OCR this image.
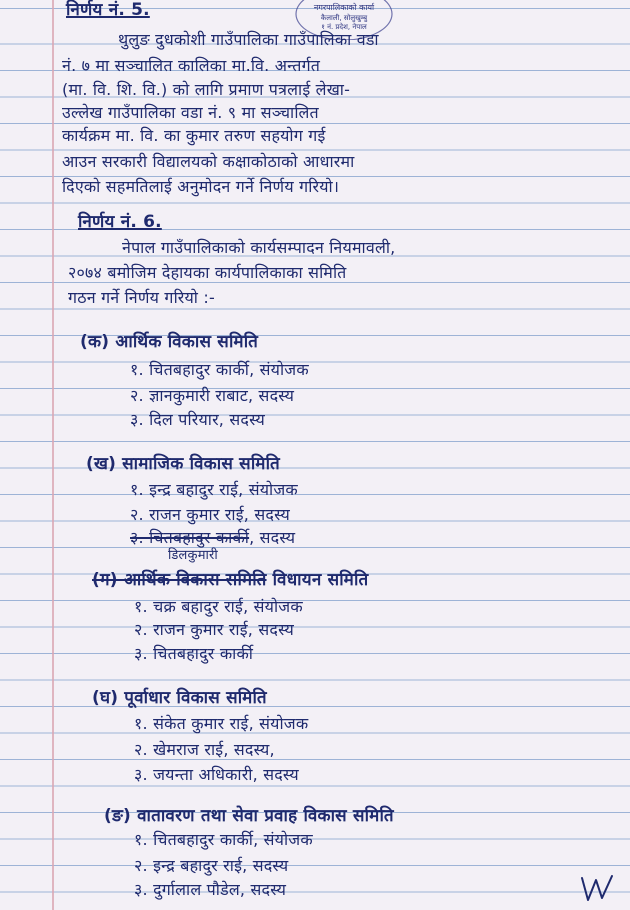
नगरपालिकाको कार्या
कैलाली, सोलुखुम्बु
१ नं. प्रदेश, नेपाल
निर्णय नं. 5.
थुलुङ दुधकोशी गाउँपालिका गाउँपालिका वडा
नं. ७ मा सञ्चालित कालिका मा.वि. अन्तर्गत
(मा. वि. शि. वि.) को लागि प्रमाण पत्रलाई लेखा-
उल्लेख गाउँपालिका वडा नं. ९ मा सञ्चालित
कार्यक्रम मा. वि. का कुमार तरुण सहयोग गई
आउन सरकारी विद्यालयको कक्षाकोठाको आधारमा
दिएको सहमतिलाई अनुमोदन गर्ने निर्णय गरियो।
निर्णय नं. 6.
नेपाल गाउँपालिकाको कार्यसम्पादन नियमावली,
२०७४ बमोजिम देहायका कार्यपालिकाका समिति
गठन गर्ने निर्णय गरियो :-
(क) आर्थिक विकास समिति
१. चितबहादुर कार्की, संयोजक
२. ज्ञानकुमारी राबाट, सदस्य
३. दिल परियार, सदस्य
(ख) सामाजिक विकास समिति
१. इन्द्र बहादुर राई, संयोजक
२. राजन कुमार राई, सदस्य
३. चितबहादुर कार्की, सदस्य
डिलकुमारी
(ग) आर्थिक विकास समिति विधायन समिति
१. चक्र बहादुर राई, संयोजक
२. राजन कुमार राई, सदस्य
३. चितबहादुर कार्की
(घ) पूर्वाधार विकास समिति
१. संकेत कुमार राई, संयोजक
२. खेमराज राई, सदस्य,
३. जयन्ता अधिकारी, सदस्य
(ङ) वातावरण तथा सेवा प्रवाह विकास समिति
१. चितबहादुर कार्की, संयोजक
२. इन्द्र बहादुर राई, सदस्य
३. दुर्गालाल पौडेल, सदस्य
